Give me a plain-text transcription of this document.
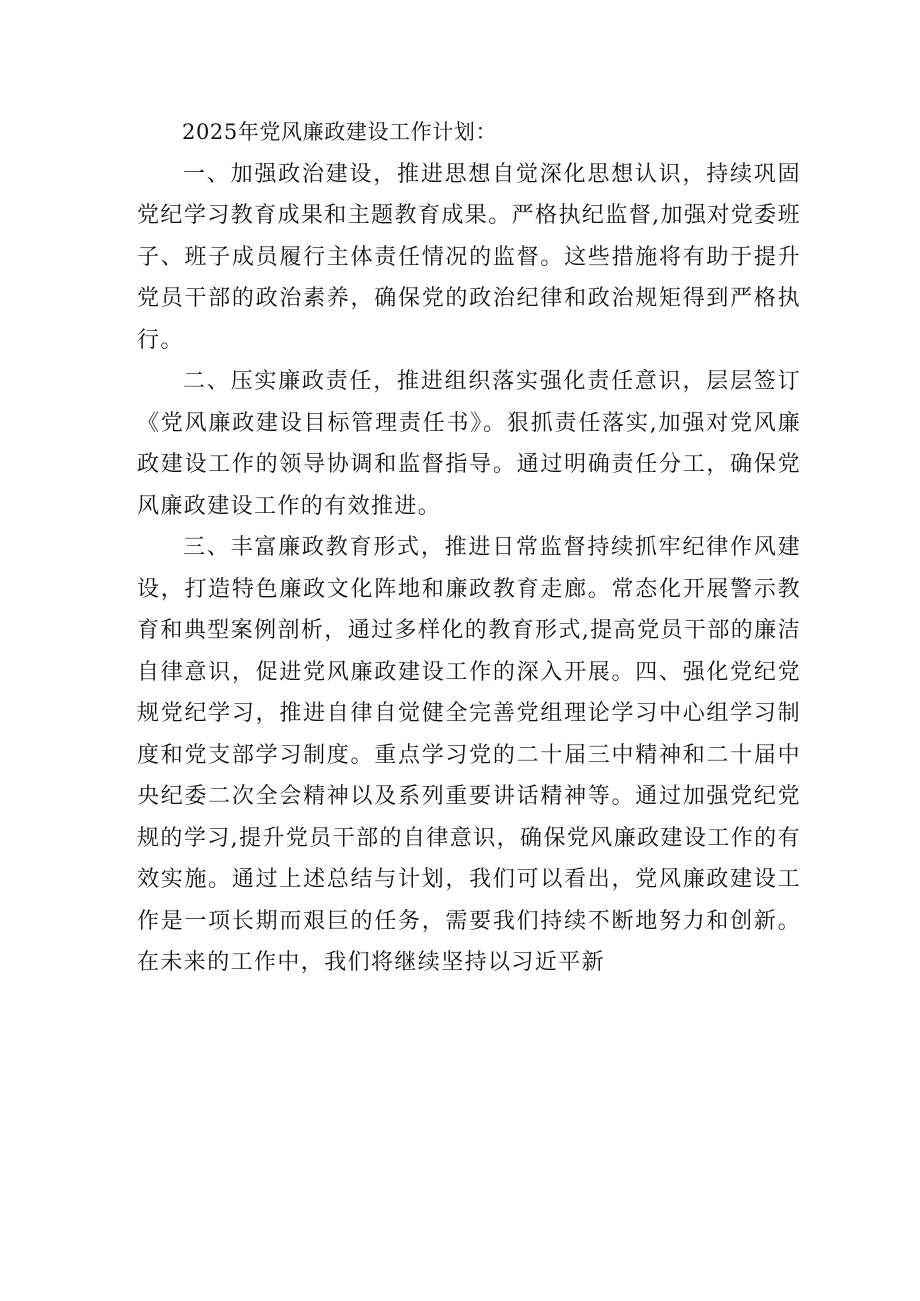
2025年党风廉政建设工作计划：

一、加强政治建设，推进思想自觉深化思想认识，持续巩固党纪学习教育成果和主题教育成果。严格执纪监督,加强对党委班子、班子成员履行主体责任情况的监督。这些措施将有助于提升党员干部的政治素养，确保党的政治纪律和政治规矩得到严格执行。

二、压实廉政责任，推进组织落实强化责任意识，层层签订《党风廉政建设目标管理责任书》。狠抓责任落实,加强对党风廉政建设工作的领导协调和监督指导。通过明确责任分工，确保党风廉政建设工作的有效推进。

三、丰富廉政教育形式，推进日常监督持续抓牢纪律作风建设，打造特色廉政文化阵地和廉政教育走廊。常态化开展警示教育和典型案例剖析，通过多样化的教育形式,提高党员干部的廉洁自律意识，促进党风廉政建设工作的深入开展。四、强化党纪党规党纪学习，推进自律自觉健全完善党组理论学习中心组学习制度和党支部学习制度。重点学习党的二十届三中精神和二十届中央纪委二次全会精神以及系列重要讲话精神等。通过加强党纪党规的学习,提升党员干部的自律意识，确保党风廉政建设工作的有效实施。通过上述总结与计划，我们可以看出，党风廉政建设工作是一项长期而艰巨的任务，需要我们持续不断地努力和创新。在未来的工作中，我们将继续坚持以习近平新
